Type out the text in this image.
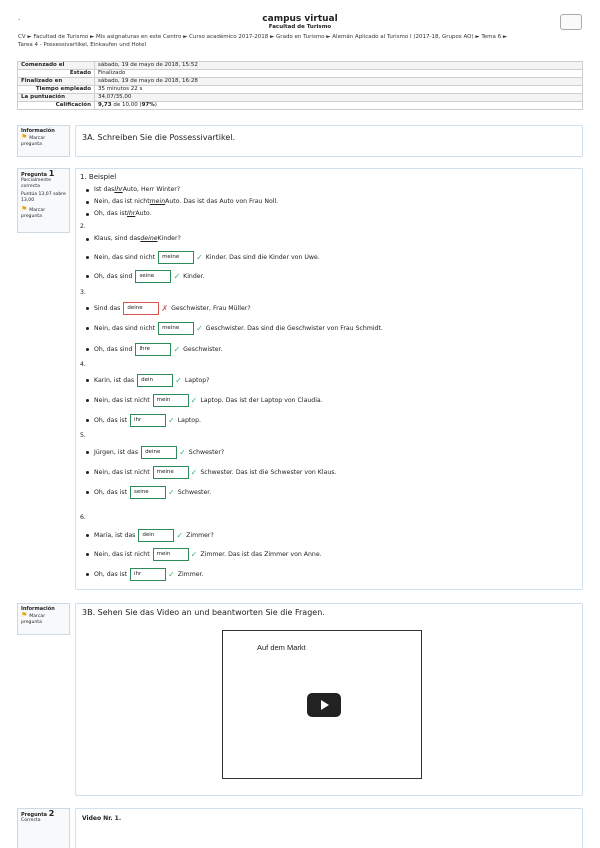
.	campus virtual
Facultad de Turismo
CV ► Facultad de Turismo ► Mis asignaturas en este Centro ► Curso académico 2017-2018 ► Grado en Turismo ► Alemán Aplicado al Turismo I (2017-18, Grupos AO) ► Tema 6 ► Tarea 4 - Possessivartikel, Einkaufen und Hotel
Comenzado el	sábado, 19 de mayo de 2018, 15:52
Estado	Finalizado
Finalizado en	sábado, 19 de mayo de 2018, 16:28
Tiempo empleado	35 minutos 22 s
La puntuación	34,07/35,00
Calificación	9,73 de 10,00 (97%)
Información
⚑ Marcar pregunta
3A. Schreiben Sie die Possessivartikel.
Pregunta 1
Parcialmente correcta
Puntúa 13,07 sobre 13,00
⚑ Marcar pregunta
1. Beispiel
Ist das Ihr Auto, Herr Winter?
Nein, das ist nicht mein Auto. Das ist das Auto von Frau Noll.
Oh, das ist Ihr Auto.
2.
Klaus, sind das deine Kinder?
Nein, das sind nicht	meine	✓ Kinder. Das sind die Kinder von Uwe.
Oh, das sind	seine	✓ Kinder.
3.
Sind das	deine	✗ Geschwister, Frau Müller?
Nein, das sind nicht	meine	✓ Geschwister. Das sind die Geschwister von Frau Schmidt.
Oh, das sind	Ihre	✓ Geschwister.
4.
Karin, ist das	dein	✓ Laptop?
Nein, das ist nicht	mein	✓ Laptop. Das ist der Laptop von Claudia.
Oh, das ist	ihr	✓ Laptop.
5.
Jürgen, ist das	deine	✓ Schwester?
Nein, das ist nicht	meine	✓ Schwester. Das ist die Schwester von Klaus.
Oh, das ist	seine	✓ Schwester.
6.
Maria, ist das	dein	✓ Zimmer?
Nein, das ist nicht	mein	✓ Zimmer. Das ist das Zimmer von Anne.
Oh, das ist	ihr	✓ Zimmer.
Información
⚑ Marcar pregunta
3B. Sehen Sie das Video an und beantworten Sie die Fragen.
Auf dem Markt
Pregunta 2
Correcta	Video Nr. 1.
